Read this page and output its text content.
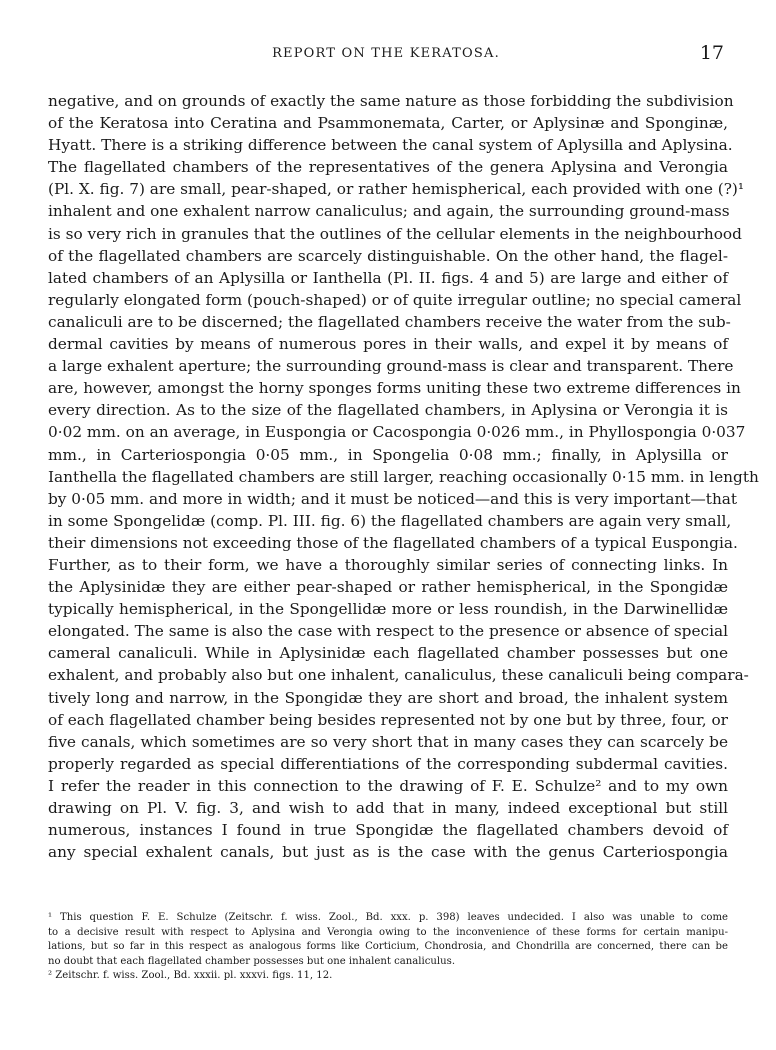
REPORT ON THE KERATOSA.	17
negative, and on grounds of exactly the same nature as those forbidding the subdivision
of the Keratosa into Ceratina and Psammonemata, Carter, or Aplysinæ and Sponginæ,
Hyatt. There is a striking difference between the canal system of Aplysilla and Aplysina.
The flagellated chambers of the representatives of the genera Aplysina and Verongia
(Pl. X. fig. 7) are small, pear-shaped, or rather hemispherical, each provided with one (?)¹
inhalent and one exhalent narrow canaliculus; and again, the surrounding ground-mass
is so very rich in granules that the outlines of the cellular elements in the neighbourhood
of the flagellated chambers are scarcely distinguishable. On the other hand, the flagel-
lated chambers of an Aplysilla or Ianthella (Pl. II. figs. 4 and 5) are large and either of
regularly elongated form (pouch-shaped) or of quite irregular outline; no special cameral
canaliculi are to be discerned; the flagellated chambers receive the water from the sub-
dermal cavities by means of numerous pores in their walls, and expel it by means of
a large exhalent aperture; the surrounding ground-mass is clear and transparent. There
are, however, amongst the horny sponges forms uniting these two extreme differences in
every direction. As to the size of the flagellated chambers, in Aplysina or Verongia it is
0·02 mm. on an average, in Euspongia or Cacospongia 0·026 mm., in Phyllospongia 0·037
mm., in Carteriospongia 0·05 mm., in Spongelia 0·08 mm.; finally, in Aplysilla or
Ianthella the flagellated chambers are still larger, reaching occasionally 0·15 mm. in length
by 0·05 mm. and more in width; and it must be noticed—and this is very important—that
in some Spongelidæ (comp. Pl. III. fig. 6) the flagellated chambers are again very small,
their dimensions not exceeding those of the flagellated chambers of a typical Euspongia.
Further, as to their form, we have a thoroughly similar series of connecting links. In
the Aplysinidæ they are either pear-shaped or rather hemispherical, in the Spongidæ
typically hemispherical, in the Spongellidæ more or less roundish, in the Darwinellidæ
elongated. The same is also the case with respect to the presence or absence of special
cameral canaliculi. While in Aplysinidæ each flagellated chamber possesses but one
exhalent, and probably also but one inhalent, canaliculus, these canaliculi being compara-
tively long and narrow, in the Spongidæ they are short and broad, the inhalent system
of each flagellated chamber being besides represented not by one but by three, four, or
five canals, which sometimes are so very short that in many cases they can scarcely be
properly regarded as special differentiations of the corresponding subdermal cavities.
I refer the reader in this connection to the drawing of F. E. Schulze² and to my own
drawing on Pl. V. fig. 3, and wish to add that in many, indeed exceptional but still
numerous, instances I found in true Spongidæ the flagellated chambers devoid of
any special exhalent canals, but just as is the case with the genus Carteriospongia
¹ This question F. E. Schulze (Zeitschr. f. wiss. Zool., Bd. xxx. p. 398) leaves undecided. I also was unable to come
to a decisive result with respect to Aplysina and Verongia owing to the inconvenience of these forms for certain manipu-
lations, but so far in this respect as analogous forms like Corticium, Chondrosia, and Chondrilla are concerned, there can be
no doubt that each flagellated chamber possesses but one inhalent canaliculus.
² Zeitschr. f. wiss. Zool., Bd. xxxii. pl. xxxvi. figs. 11, 12.
